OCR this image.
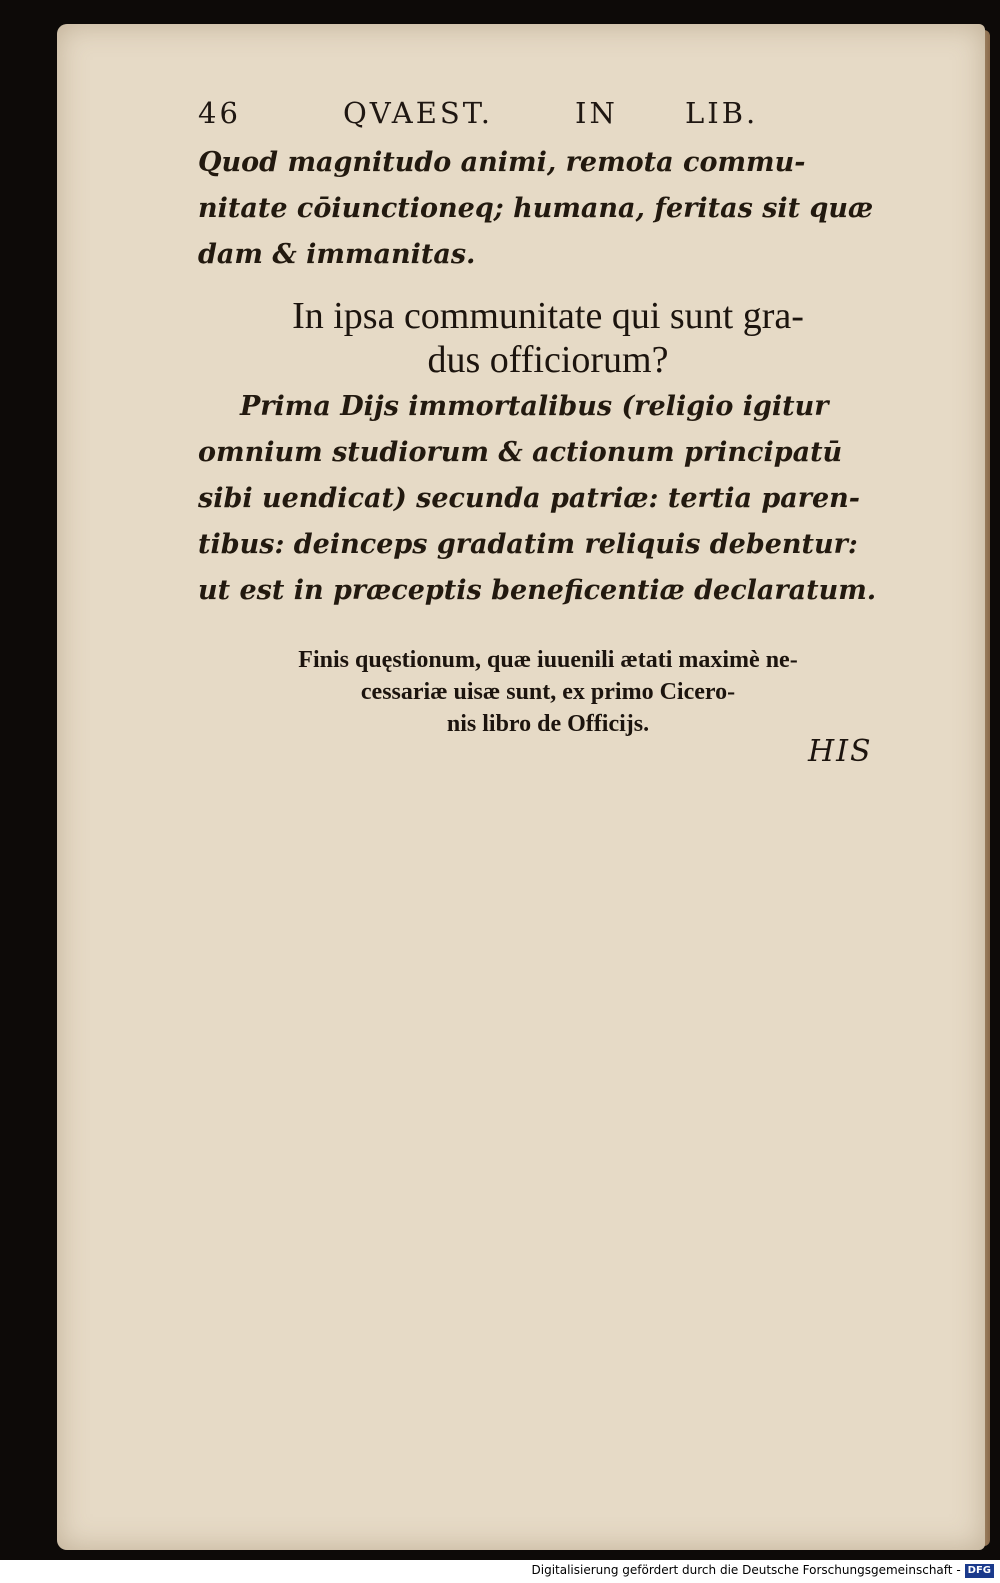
46	QVAEST.	IN LIB.
Quod magnitudo animi, remota commu-
nitate cōiunctioneq; humana, feritas sit quæ
dam & immanitas.
In ipsa communitate qui sunt gra-
dus officiorum?
Prima Dijs immortalibus (religio igitur
omnium studiorum & actionum principatū
sibi uendicat) secunda patriæ: tertia paren-
tibus: deinceps gradatim reliquis debentur:
ut est in præceptis beneficentiæ declaratum.
Finis quęstionum, quæ iuuenili ætati maximè ne-
cessariæ uisæ sunt, ex primo Cicero-
nis libro de Officijs.
HIS
Digitalisierung gefördert durch die Deutsche Forschungsgemeinschaft - DFG
